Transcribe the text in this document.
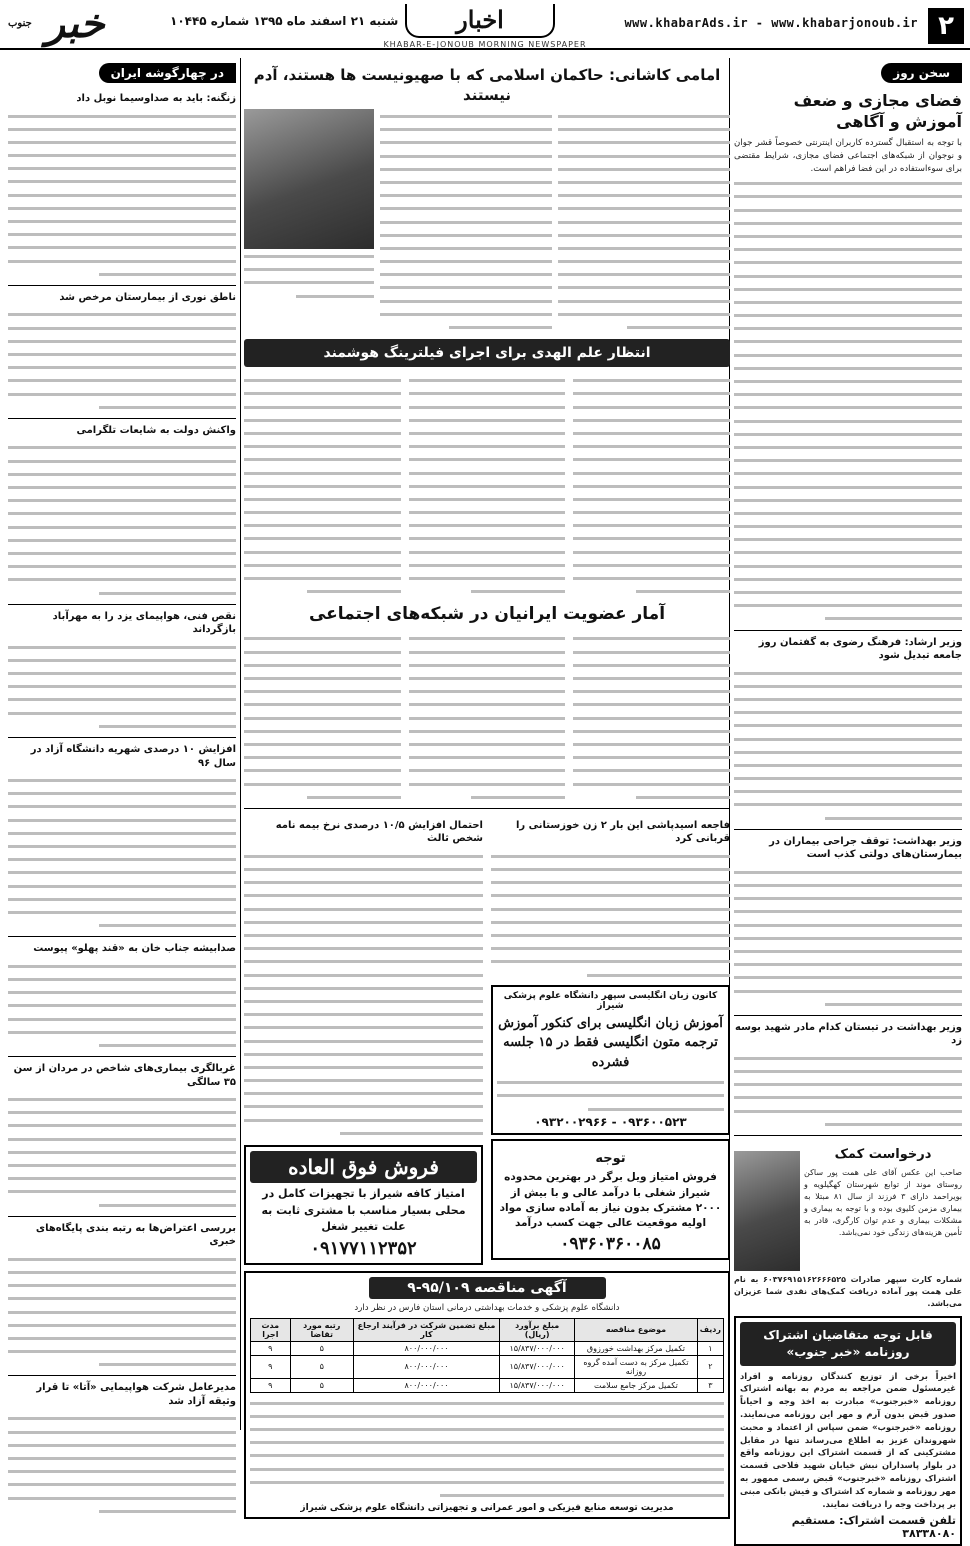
۲
www.khabarAds.ir - www.khabarjonoub.ir
اخبار
KHABAR-E-JONOUB MORNING NEWSPAPER
شنبه ۲۱ اسفند ماه ۱۳۹۵ شماره ۱۰۴۴۵
خبر $^{جنوب}$
سخن روز
فضای مجازی و ضعف آموزش و آگاهی
با توجه به استقبال گسترده کاربران اینترنتی خصوصاً قشر جوان و نوجوان از شبکه‌های اجتماعی فضای مجازی، شرایط مقتضی برای سوءاستفاده در این فضا فراهم است.
وزیر ارشاد: فرهنگ رضوی به گفتمان روز جامعه تبدیل شود
وزیر بهداشت: توقف جراحی بیماران در بیمارستان‌های دولتی کذب است
وزیر بهداشت در تبستان کدام مادر شهید بوسه زد
درخواست کمک
صاحب این عکس آقای علی همت پور ساکن روستای موند از توابع شهرستان کهگیلویه و بویراحمد دارای ۳ فرزند از سال ۸۱ مبتلا به بیماری مزمن کلیوی بوده و با توجه به بیماری و مشکلات بیماری و عدم توان کارگری، قادر به تأمین هزینه‌های زندگی خود نمی‌باشد.
شماره کارت سپهر صادرات ۶۰۳۷۶۹۱۵۱۶۲۶۶۶۵۲۵ به نام علی همت پور آماده دریافت کمک‌های نقدی شما عزیزان می‌باشد.
قابل توجه متقاضیان اشتراک روزنامه «خبر جنوب»
اخیراً برخی از توزیع کنندگان روزنامه و افراد غیرمسئول ضمن مراجعه به مردم به بهانه اشتراک روزنامه «خبرجنوب» مبادرت به اخذ وجه و احیاناً صدور قبض بدون آرم و مهر این روزنامه می‌نمایند. روزنامه «خبرجنوب» ضمن سپاس از اعتماد و محبت شهروندان عزیز به اطلاع می‌رساند تنها در مقابل مشترکینی که از قسمت اشتراک این روزنامه واقع در بلوار پاسداران نبش خیابان شهید فلاحی قسمت اشتراک روزنامه «خبرجنوب» قبض رسمی ممهور به مهر روزنامه و شماره کد اشتراک و فیش بانکی مبنی بر پرداخت وجه را دریافت نمایند.
تلفن قسمت اشتراک: مستقیم ۳۸۳۳۸۰۸۰
امامی کاشانی: حاکمان اسلامی که با صهیونیست ها هستند، آدم نیستند
انتظار علم الهدی برای اجرای فیلترینگ هوشمند
آمار عضویت ایرانیان در شبکه‌های اجتماعی
فاجعه اسیدپاشی این بار ۲ زن خوزستانی را قربانی کرد
کانون زبان انگلیسی سپهر دانشگاه علوم پزشکی شیراز
آموزش زبان انگلیسی برای کنکور آموزش ترجمه متون انگلیسی فقط در ۱۵ جلسه فشرده
۰۹۳۶۰۰۵۲۳ - ۰۹۳۲۰۰۲۹۶۶
توجه
فروش امتیاز ویل برگر در بهترین محدوده شیراز شغلی با درآمد عالی و با بیش از ۲۰۰۰ مشترک بدون نیاز به آماده سازی مواد اولیه موقعیت عالی جهت کسب درآمد
۰۹۳۶۰۳۶۰۰۸۵
احتمال افزایش ۱۰/۵ درصدی نرخ بیمه نامه شخص ثالث
فروش فوق العاده
امتیاز کافه شیراز با تجهیزات کامل در محلی بسیار مناسب با مشتری ثابت به علت تغییر شغل
۰۹۱۷۷۱۱۲۳۵۲
آگهی مناقصه ۹۵/۱۰۹-۹
دانشگاه علوم پزشکی و خدمات بهداشتی درمانی استان فارس در نظر دارد
ردیف	موضوع مناقصه	مبلغ برآورد (ریال)	مبلغ تضمین شرکت در فرآیند ارجاع کار	رتبه مورد تقاضا	مدت اجرا
۱	تکمیل مرکز بهداشت خورزوق	۱۵/۸۳۷/۰۰۰/۰۰۰	۸۰۰/۰۰۰/۰۰۰	۵	۹
۲	تکمیل مرکز به دست آمده گروه روزانه	۱۵/۸۳۷/۰۰۰/۰۰۰	۸۰۰/۰۰۰/۰۰۰	۵	۹
۳	تکمیل مرکز جامع سلامت	۱۵/۸۳۷/۰۰۰/۰۰۰	۸۰۰/۰۰۰/۰۰۰	۵	۹
مدیریت توسعه منابع فیزیکی و امور عمرانی و تجهیزاتی دانشگاه علوم پزشکی شیراز
در چهارگوشه ایران
زنگنه: باید به صداوسیما نوبل داد
ناطق نوری از بیمارستان مرخص شد
واکنش دولت به شایعات تلگرامی
نقص فنی، هواپیمای یزد را به مهرآباد بازگرداند
افزایش ۱۰ درصدی شهریه دانشگاه آزاد در سال ۹۶
صدابیشه جناب خان به «قند پهلو» پیوست
غربالگری بیماری‌های شاخص در مردان از سن ۳۵ سالگی
بررسی اعتراض‌ها به رتبه بندی پایگاه‌های خبری
مدیرعامل شرکت هواپیمایی «آتا» تا قرار وثیقه آزاد شد
